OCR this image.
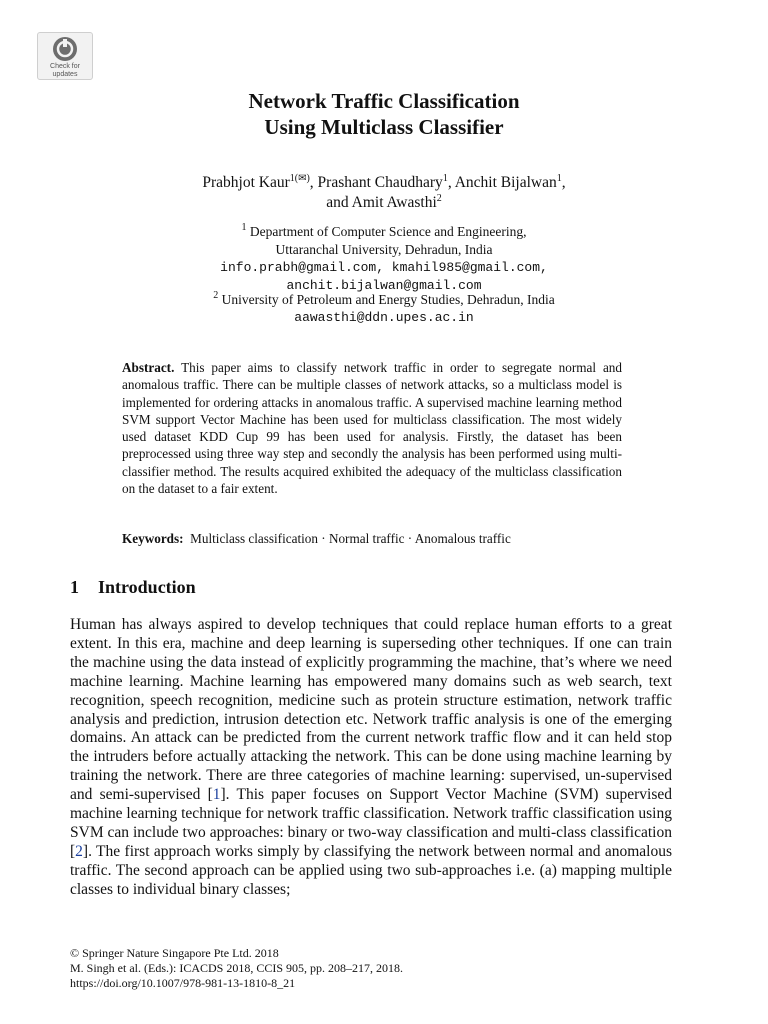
Check for
updates
Network Traffic Classification
Using Multiclass Classifier
Prabhjot Kaur$^{1(✉)}$, Prashant Chaudhary$^1$, Anchit Bijalwan$^1$,
and Amit Awasthi$^2$
$^1$ Department of Computer Science and Engineering,
Uttaranchal University, Dehradun, India
info.prabh@gmail.com, kmahil985@gmail.com,
anchit.bijalwan@gmail.com
$^2$ University of Petroleum and Energy Studies, Dehradun, India
aawasthi@ddn.upes.ac.in
Abstract. This paper aims to classify network traffic in order to segregate normal and anomalous traffic. There can be multiple classes of network attacks, so a multiclass model is implemented for ordering attacks in anomalous traffic. A supervised machine learning method SVM support Vector Machine has been used for multiclass classification. The most widely used dataset KDD Cup 99 has been used for analysis. Firstly, the dataset has been preprocessed using three way step and secondly the analysis has been performed using multi-classifier method. The results acquired exhibited the adequacy of the multiclass classification on the dataset to a fair extent.
Keywords: Multiclass classification · Normal traffic · Anomalous traffic
1 Introduction
Human has always aspired to develop techniques that could replace human efforts to a great extent. In this era, machine and deep learning is superseding other techniques. If one can train the machine using the data instead of explicitly programming the machine, that’s where we need machine learning. Machine learning has empowered many domains such as web search, text recognition, speech recognition, medicine such as protein structure estimation, network traffic analysis and prediction, intrusion detection etc. Network traffic analysis is one of the emerging domains. An attack can be predicted from the current network traffic flow and it can held stop the intruders before actually attacking the network. This can be done using machine learning by training the network. There are three categories of machine learning: supervised, un-supervised and semi-supervised [1]. This paper focuses on Support Vector Machine (SVM) supervised machine learning technique for network traffic classification. Network traffic classification using SVM can include two approaches: binary or two-way classification and multi-class classification [2]. The first approach works simply by classifying the network between normal and anomalous traffic. The second approach can be applied using two sub-approaches i.e. (a) mapping multiple classes to individual binary classes;
© Springer Nature Singapore Pte Ltd. 2018
M. Singh et al. (Eds.): ICACDS 2018, CCIS 905, pp. 208–217, 2018.
https://doi.org/10.1007/978-981-13-1810-8_21
